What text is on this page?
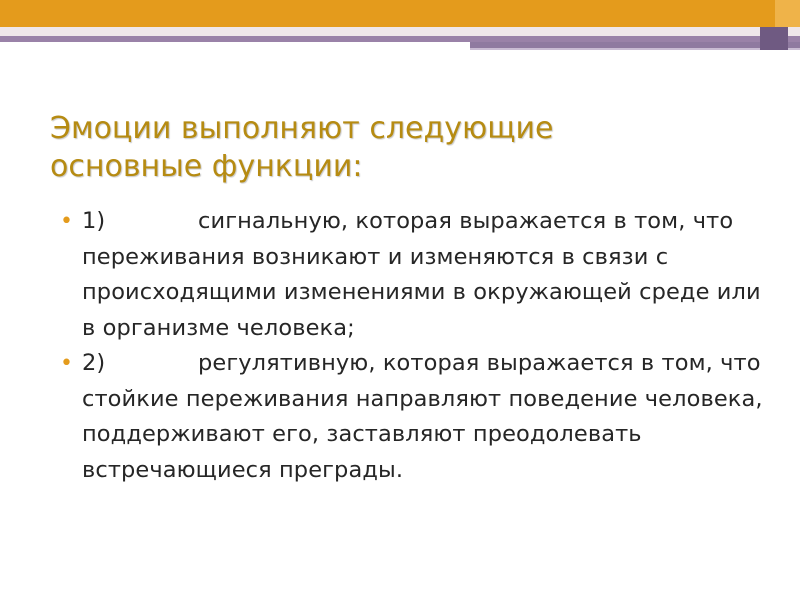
Эмоции выполняют следующие
основные функции:
• 1)	сигнальную, которая выражается в том, что переживания возникают и изменяются в связи с происходящими изменениями в окружающей среде или в организме человека;
• 2)	регулятивную, которая выражается в том, что стойкие переживания направляют поведение человека, поддерживают его, заставляют преодолевать встречающиеся преграды.
